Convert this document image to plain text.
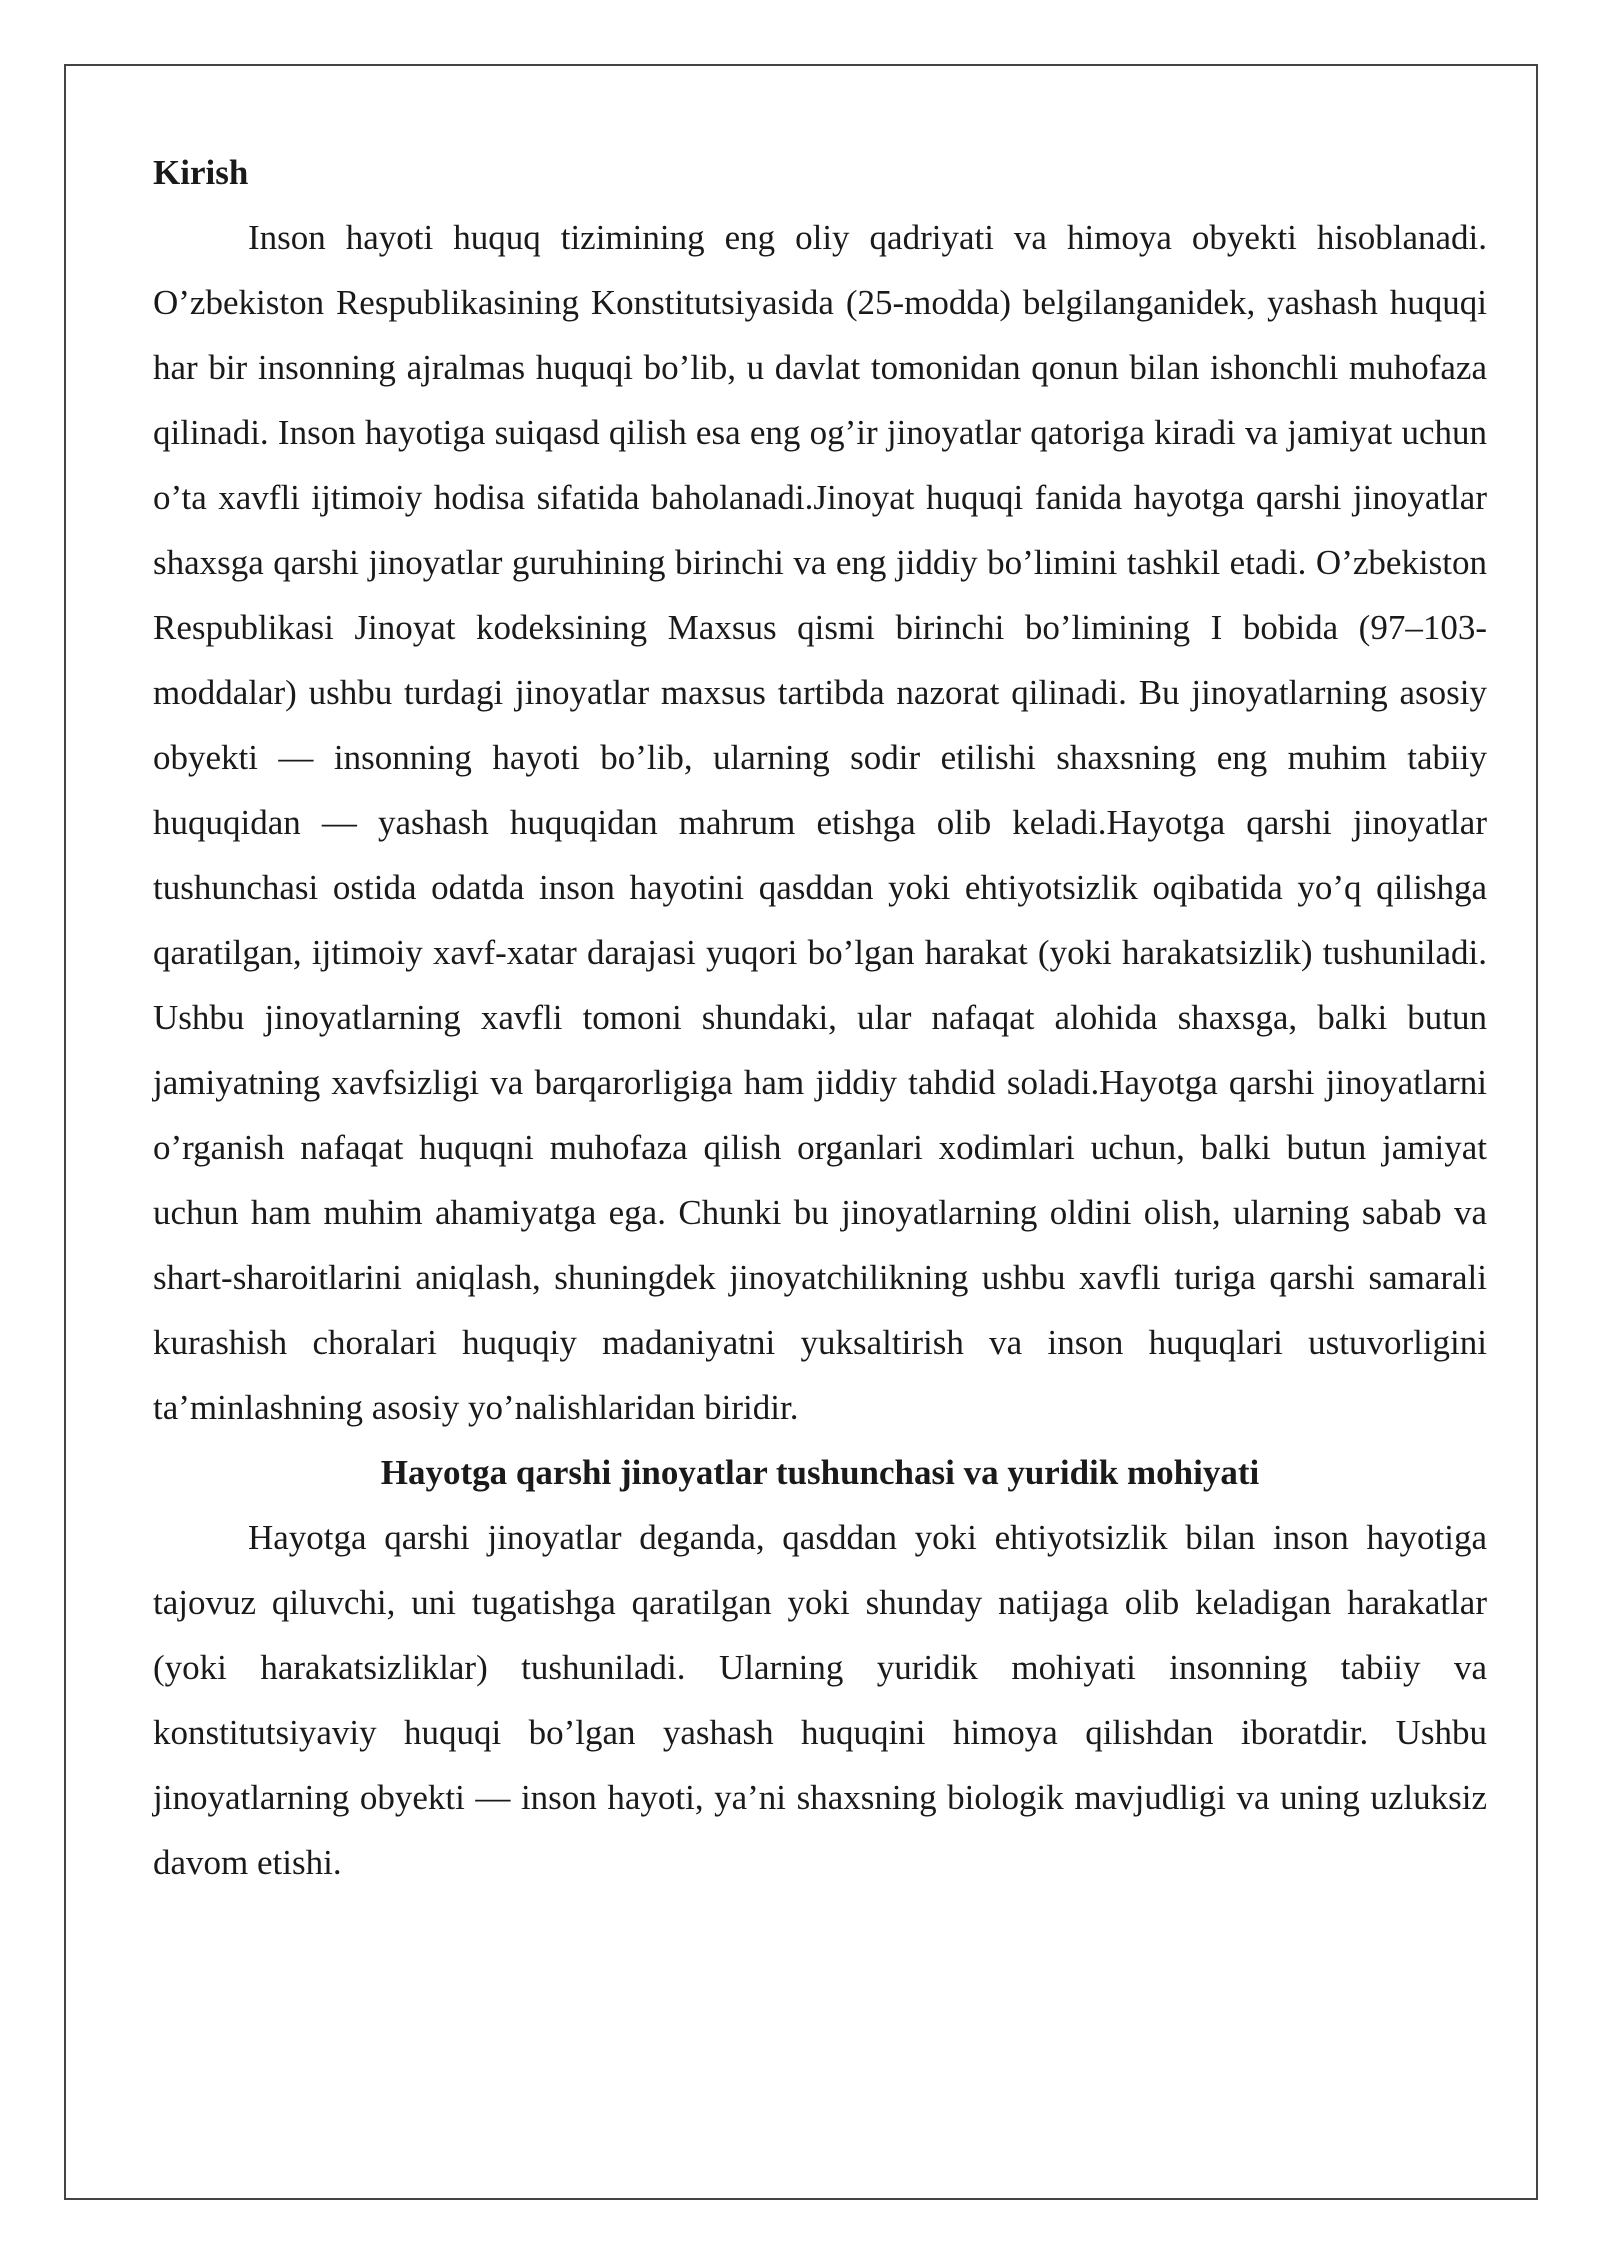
Kirish

Inson hayoti huquq tizimining eng oliy qadriyati va himoya obyekti hisoblanadi. O’zbekiston Respublikasining Konstitutsiyasida (25-modda) belgilanganidek, yashash huquqi har bir insonning ajralmas huquqi bo’lib, u davlat tomonidan qonun bilan ishonchli muhofaza qilinadi. Inson hayotiga suiqasd qilish esa eng og’ir jinoyatlar qatoriga kiradi va jamiyat uchun o’ta xavfli ijtimoiy hodisa sifatida baholanadi.Jinoyat huquqi fanida hayotga qarshi jinoyatlar shaxsga qarshi jinoyatlar guruhining birinchi va eng jiddiy bo’limini tashkil etadi. O’zbekiston Respublikasi Jinoyat kodeksining Maxsus qismi birinchi bo’limining I bobida (97–103-moddalar) ushbu turdagi jinoyatlar maxsus tartibda nazorat qilinadi. Bu jinoyatlarning asosiy obyekti — insonning hayoti bo’lib, ularning sodir etilishi shaxsning eng muhim tabiiy huquqidan — yashash huquqidan mahrum etishga olib keladi.Hayotga qarshi jinoyatlar tushunchasi ostida odatda inson hayotini qasddan yoki ehtiyotsizlik oqibatida yo’q qilishga qaratilgan, ijtimoiy xavf-xatar darajasi yuqori bo’lgan harakat (yoki harakatsizlik) tushuniladi. Ushbu jinoyatlarning xavfli tomoni shundaki, ular nafaqat alohida shaxsga, balki butun jamiyatning xavfsizligi va barqarorligiga ham jiddiy tahdid soladi.Hayotga qarshi jinoyatlarni o’rganish nafaqat huquqni muhofaza qilish organlari xodimlari uchun, balki butun jamiyat uchun ham muhim ahamiyatga ega. Chunki bu jinoyatlarning oldini olish, ularning sabab va shart-sharoitlarini aniqlash, shuningdek jinoyatchilikning ushbu xavfli turiga qarshi samarali kurashish choralari huquqiy madaniyatni yuksaltirish va inson huquqlari ustuvorligini ta’minlashning asosiy yo’nalishlaridan biridir.

Hayotga qarshi jinoyatlar tushunchasi va yuridik mohiyati

Hayotga qarshi jinoyatlar deganda, qasddan yoki ehtiyotsizlik bilan inson hayotiga tajovuz qiluvchi, uni tugatishga qaratilgan yoki shunday natijaga olib keladigan harakatlar (yoki harakatsizliklar) tushuniladi. Ularning yuridik mohiyati insonning tabiiy va konstitutsiyaviy huquqi bo’lgan yashash huquqini himoya qilishdan iboratdir. Ushbu jinoyatlarning obyekti — inson hayoti, ya’ni shaxsning biologik mavjudligi va uning uzluksiz davom etishi.
